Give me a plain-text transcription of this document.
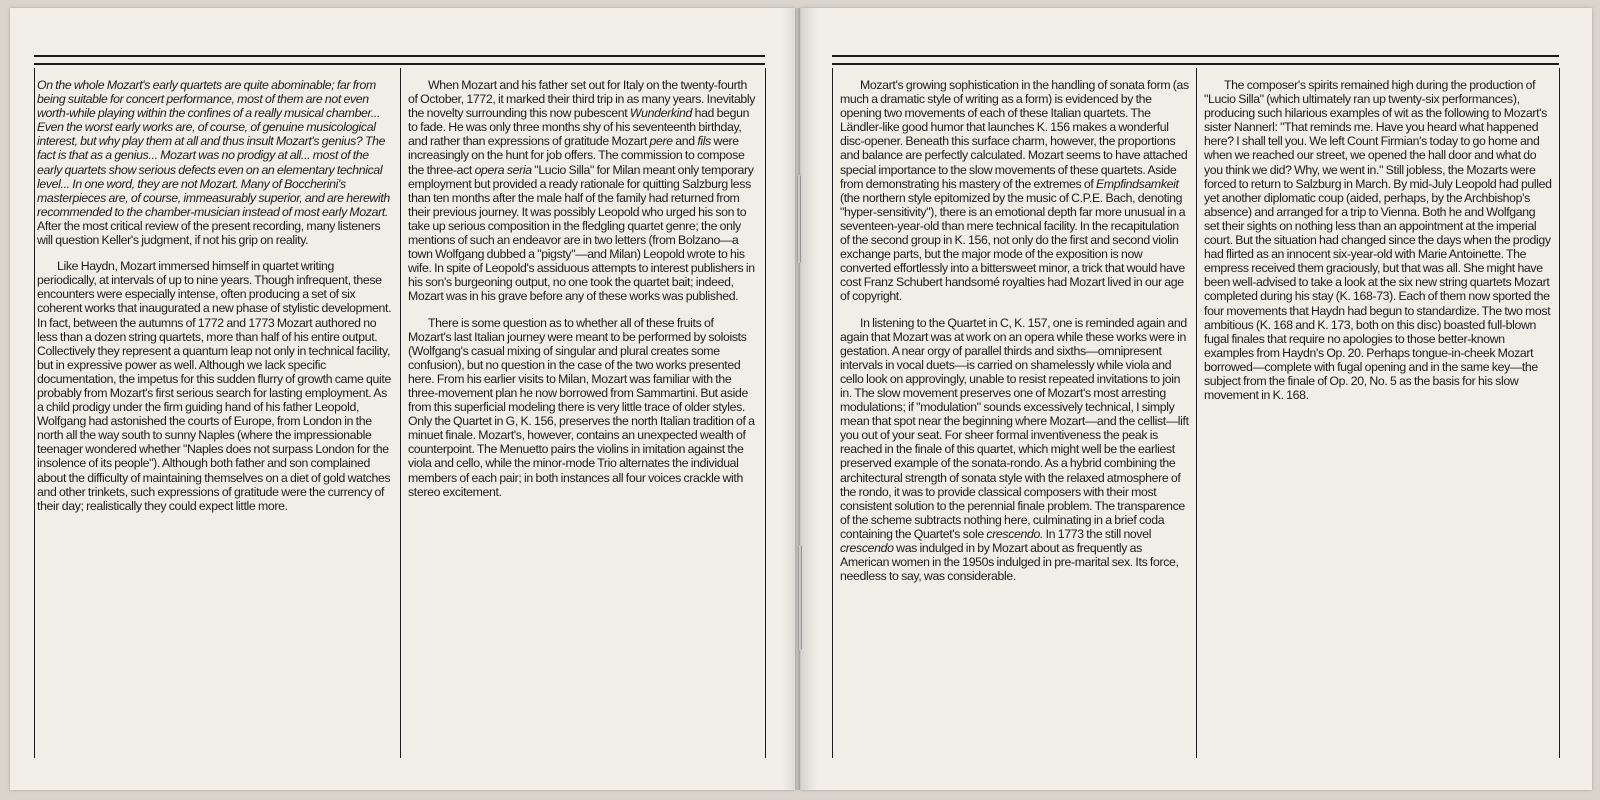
On the whole Mozart's early quartets are quite abominable; far from being suitable for concert performance, most of them are not even worth-while playing within the confines of a really musical chamber... Even the worst early works are, of course, of genuine musicological interest, but why play them at all and thus insult Mozart's genius? The fact is that as a genius... Mozart was no prodigy at all... most of the early quartets show serious defects even on an elementary technical level... In one word, they are not Mozart. Many of Boccherini's masterpieces are, of course, immeasurably superior, and are herewith recommended to the chamber-musician instead of most early Mozart.

After the most critical review of the present recording, many listeners will question Keller's judgment, if not his grip on reality.

Like Haydn, Mozart immersed himself in quartet writing periodically, at intervals of up to nine years. Though infrequent, these encounters were especially intense, often producing a set of six coherent works that inaugurated a new phase of stylistic development. In fact, between the autumns of 1772 and 1773 Mozart authored no less than a dozen string quartets, more than half of his entire output. Collectively they represent a quantum leap not only in technical facility, but in expressive power as well. Although we lack specific documentation, the impetus for this sudden flurry of growth came quite probably from Mozart's first serious search for lasting employment. As a child prodigy under the firm guiding hand of his father Leopold, Wolfgang had astonished the courts of Europe, from London in the north all the way south to sunny Naples (where the impressionable teenager wondered whether "Naples does not surpass London for the insolence of its people"). Although both father and son complained about the difficulty of maintaining themselves on a diet of gold watches and other trinkets, such expressions of gratitude were the currency of their day; realistically they could expect little more.

When Mozart and his father set out for Italy on the twenty-fourth of October, 1772, it marked their third trip in as many years. Inevitably the novelty surrounding this now pubescent Wunderkind had begun to fade. He was only three months shy of his seventeenth birthday, and rather than expressions of gratitude Mozart pere and fils were increasingly on the hunt for job offers. The commission to compose the three-act opera seria "Lucio Silla" for Milan meant only temporary employment but provided a ready rationale for quitting Salzburg less than ten months after the male half of the family had returned from their previous journey. It was possibly Leopold who urged his son to take up serious composition in the fledgling quartet genre; the only mentions of such an endeavor are in two letters (from Bolzano—a town Wolfgang dubbed a "pigsty"—and Milan) Leopold wrote to his wife. In spite of Leopold's assiduous attempts to interest publishers in his son's burgeoning output, no one took the quartet bait; indeed, Mozart was in his grave before any of these works was published.

There is some question as to whether all of these fruits of Mozart's last Italian journey were meant to be performed by soloists (Wolfgang's casual mixing of singular and plural creates some confusion), but no question in the case of the two works presented here. From his earlier visits to Milan, Mozart was familiar with the three-movement plan he now borrowed from Sammartini. But aside from this superficial modeling there is very little trace of older styles. Only the Quartet in G, K. 156, preserves the north Italian tradition of a minuet finale. Mozart's, however, contains an unexpected wealth of counterpoint. The Menuetto pairs the violins in imitation against the viola and cello, while the minor-mode Trio alternates the individual members of each pair; in both instances all four voices crackle with stereo excitement.

Mozart's growing sophistication in the handling of sonata form (as much a dramatic style of writing as a form) is evidenced by the opening two movements of each of these Italian quartets. The Ländler-like good humor that launches K. 156 makes a wonderful disc-opener. Beneath this surface charm, however, the proportions and balance are perfectly calculated. Mozart seems to have attached special importance to the slow movements of these quartets. Aside from demonstrating his mastery of the extremes of Empfindsamkeit (the northern style epitomized by the music of C.P.E. Bach, denoting "hyper-sensitivity"), there is an emotional depth far more unusual in a seventeen-year-old than mere technical facility. In the recapitulation of the second group in K. 156, not only do the first and second violin exchange parts, but the major mode of the exposition is now converted effortlessly into a bittersweet minor, a trick that would have cost Franz Schubert handsomé royalties had Mozart lived in our age of copyright.

In listening to the Quartet in C, K. 157, one is reminded again and again that Mozart was at work on an opera while these works were in gestation. A near orgy of parallel thirds and sixths—omnipresent intervals in vocal duets—is carried on shamelessly while viola and cello look on approvingly, unable to resist repeated invitations to join in. The slow movement preserves one of Mozart's most arresting modulations; if "modulation" sounds excessively technical, I simply mean that spot near the beginning where Mozart—and the cellist—lift you out of your seat. For sheer formal inventiveness the peak is reached in the finale of this quartet, which might well be the earliest preserved example of the sonata-rondo. As a hybrid combining the architectural strength of sonata style with the relaxed atmosphere of the rondo, it was to provide classical composers with their most consistent solution to the perennial finale problem. The transparence of the scheme subtracts nothing here, culminating in a brief coda containing the Quartet's sole crescendo. In 1773 the still novel crescendo was indulged in by Mozart about as frequently as American women in the 1950s indulged in pre-marital sex. Its force, needless to say, was considerable.

The composer's spirits remained high during the production of "Lucio Silla" (which ultimately ran up twenty-six performances), producing such hilarious examples of wit as the following to Mozart's sister Nannerl: "That reminds me. Have you heard what happened here? I shall tell you. We left Count Firmian's today to go home and when we reached our street, we opened the hall door and what do you think we did? Why, we went in." Still jobless, the Mozarts were forced to return to Salzburg in March. By mid-July Leopold had pulled yet another diplomatic coup (aided, perhaps, by the Archbishop's absence) and arranged for a trip to Vienna. Both he and Wolfgang set their sights on nothing less than an appointment at the imperial court. But the situation had changed since the days when the prodigy had flirted as an innocent six-year-old with Marie Antoinette. The empress received them graciously, but that was all. She might have been well-advised to take a look at the six new string quartets Mozart completed during his stay (K. 168-73). Each of them now sported the four movements that Haydn had begun to standardize. The two most ambitious (K. 168 and K. 173, both on this disc) boasted full-blown fugal finales that require no apologies to those better-known examples from Haydn's Op. 20. Perhaps tongue-in-cheek Mozart borrowed—complete with fugal opening and in the same key—the subject from the finale of Op. 20, No. 5 as the basis for his slow movement in K. 168.
